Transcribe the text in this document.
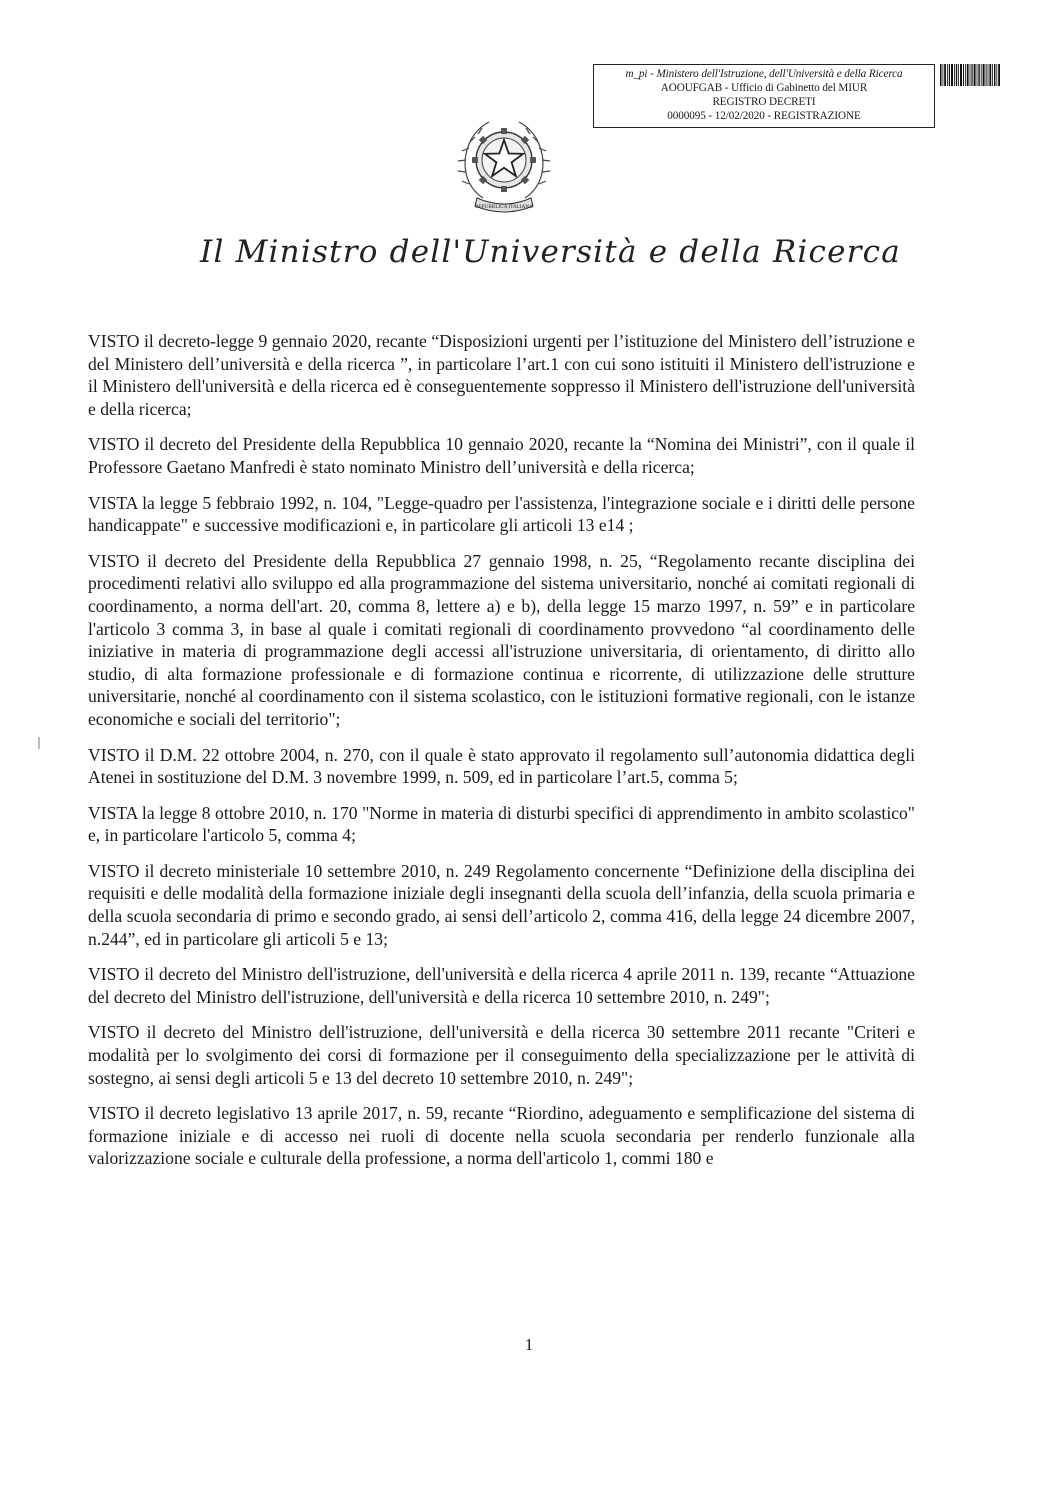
m_pi - Ministero dell'Istruzione, dell'Università e della Ricerca
AOOUFGAB - Ufficio di Gabinetto del MIUR
REGISTRO DECRETI
0000095 - 12/02/2020 - REGISTRAZIONE
REPUBBLICA ITALIANA
Il Ministro dell'Università e della Ricerca

VISTO il decreto-legge 9 gennaio 2020, recante “Disposizioni urgenti per l’istituzione del Ministero dell’istruzione e del Ministero dell’università e della ricerca ”, in particolare l’art.1 con cui sono istituiti il Ministero dell'istruzione e il Ministero dell'università e della ricerca ed è conseguentemente soppresso il Ministero dell'istruzione dell'università e della ricerca;

VISTO il decreto del Presidente della Repubblica 10 gennaio 2020, recante la “Nomina dei Ministri”, con il quale il Professore Gaetano Manfredi è stato nominato Ministro dell’università e della ricerca;

VISTA la legge 5 febbraio 1992, n. 104, "Legge-quadro per l'assistenza, l'integrazione sociale e i diritti delle persone handicappate" e successive modificazioni e, in particolare gli articoli 13 e14 ;

VISTO il decreto del Presidente della Repubblica 27 gennaio 1998, n. 25, “Regolamento recante disciplina dei procedimenti relativi allo sviluppo ed alla programmazione del sistema universitario, nonché ai comitati regionali di coordinamento, a norma dell'art. 20, comma 8, lettere a) e b), della legge 15 marzo 1997, n. 59” e in particolare l'articolo 3 comma 3, in base al quale i comitati regionali di coordinamento provvedono “al coordinamento delle iniziative in materia di programmazione degli accessi all'istruzione universitaria, di orientamento, di diritto allo studio, di alta formazione professionale e di formazione continua e ricorrente, di utilizzazione delle strutture universitarie, nonché al coordinamento con il sistema scolastico, con le istituzioni formative regionali, con le istanze economiche e sociali del territorio";

VISTO il D.M. 22 ottobre 2004, n. 270, con il quale è stato approvato il regolamento sull’autonomia didattica degli Atenei in sostituzione del D.M. 3 novembre 1999, n. 509, ed in particolare l’art.5, comma 5;

VISTA la legge 8 ottobre 2010, n. 170 "Norme in materia di disturbi specifici di apprendimento in ambito scolastico" e, in particolare l'articolo 5, comma 4;

VISTO il decreto ministeriale 10 settembre 2010, n. 249 Regolamento concernente “Definizione della disciplina dei requisiti e delle modalità della formazione iniziale degli insegnanti della scuola dell’infanzia, della scuola primaria e della scuola secondaria di primo e secondo grado, ai sensi dell’articolo 2, comma 416, della legge 24 dicembre 2007, n.244”, ed in particolare gli articoli 5 e 13;

VISTO il decreto del Ministro dell'istruzione, dell'università e della ricerca 4 aprile 2011 n. 139, recante “Attuazione del decreto del Ministro dell'istruzione, dell'università e della ricerca 10 settembre 2010, n. 249";

VISTO il decreto del Ministro dell'istruzione, dell'università e della ricerca 30 settembre 2011 recante "Criteri e modalità per lo svolgimento dei corsi di formazione per il conseguimento della specializzazione per le attività di sostegno, ai sensi degli articoli 5 e 13 del decreto 10 settembre 2010, n. 249";

VISTO il decreto legislativo 13 aprile 2017, n. 59, recante “Riordino, adeguamento e semplificazione del sistema di formazione iniziale e di accesso nei ruoli di docente nella scuola secondaria per renderlo funzionale alla valorizzazione sociale e culturale della professione, a norma dell'articolo 1, commi 180 e

1
